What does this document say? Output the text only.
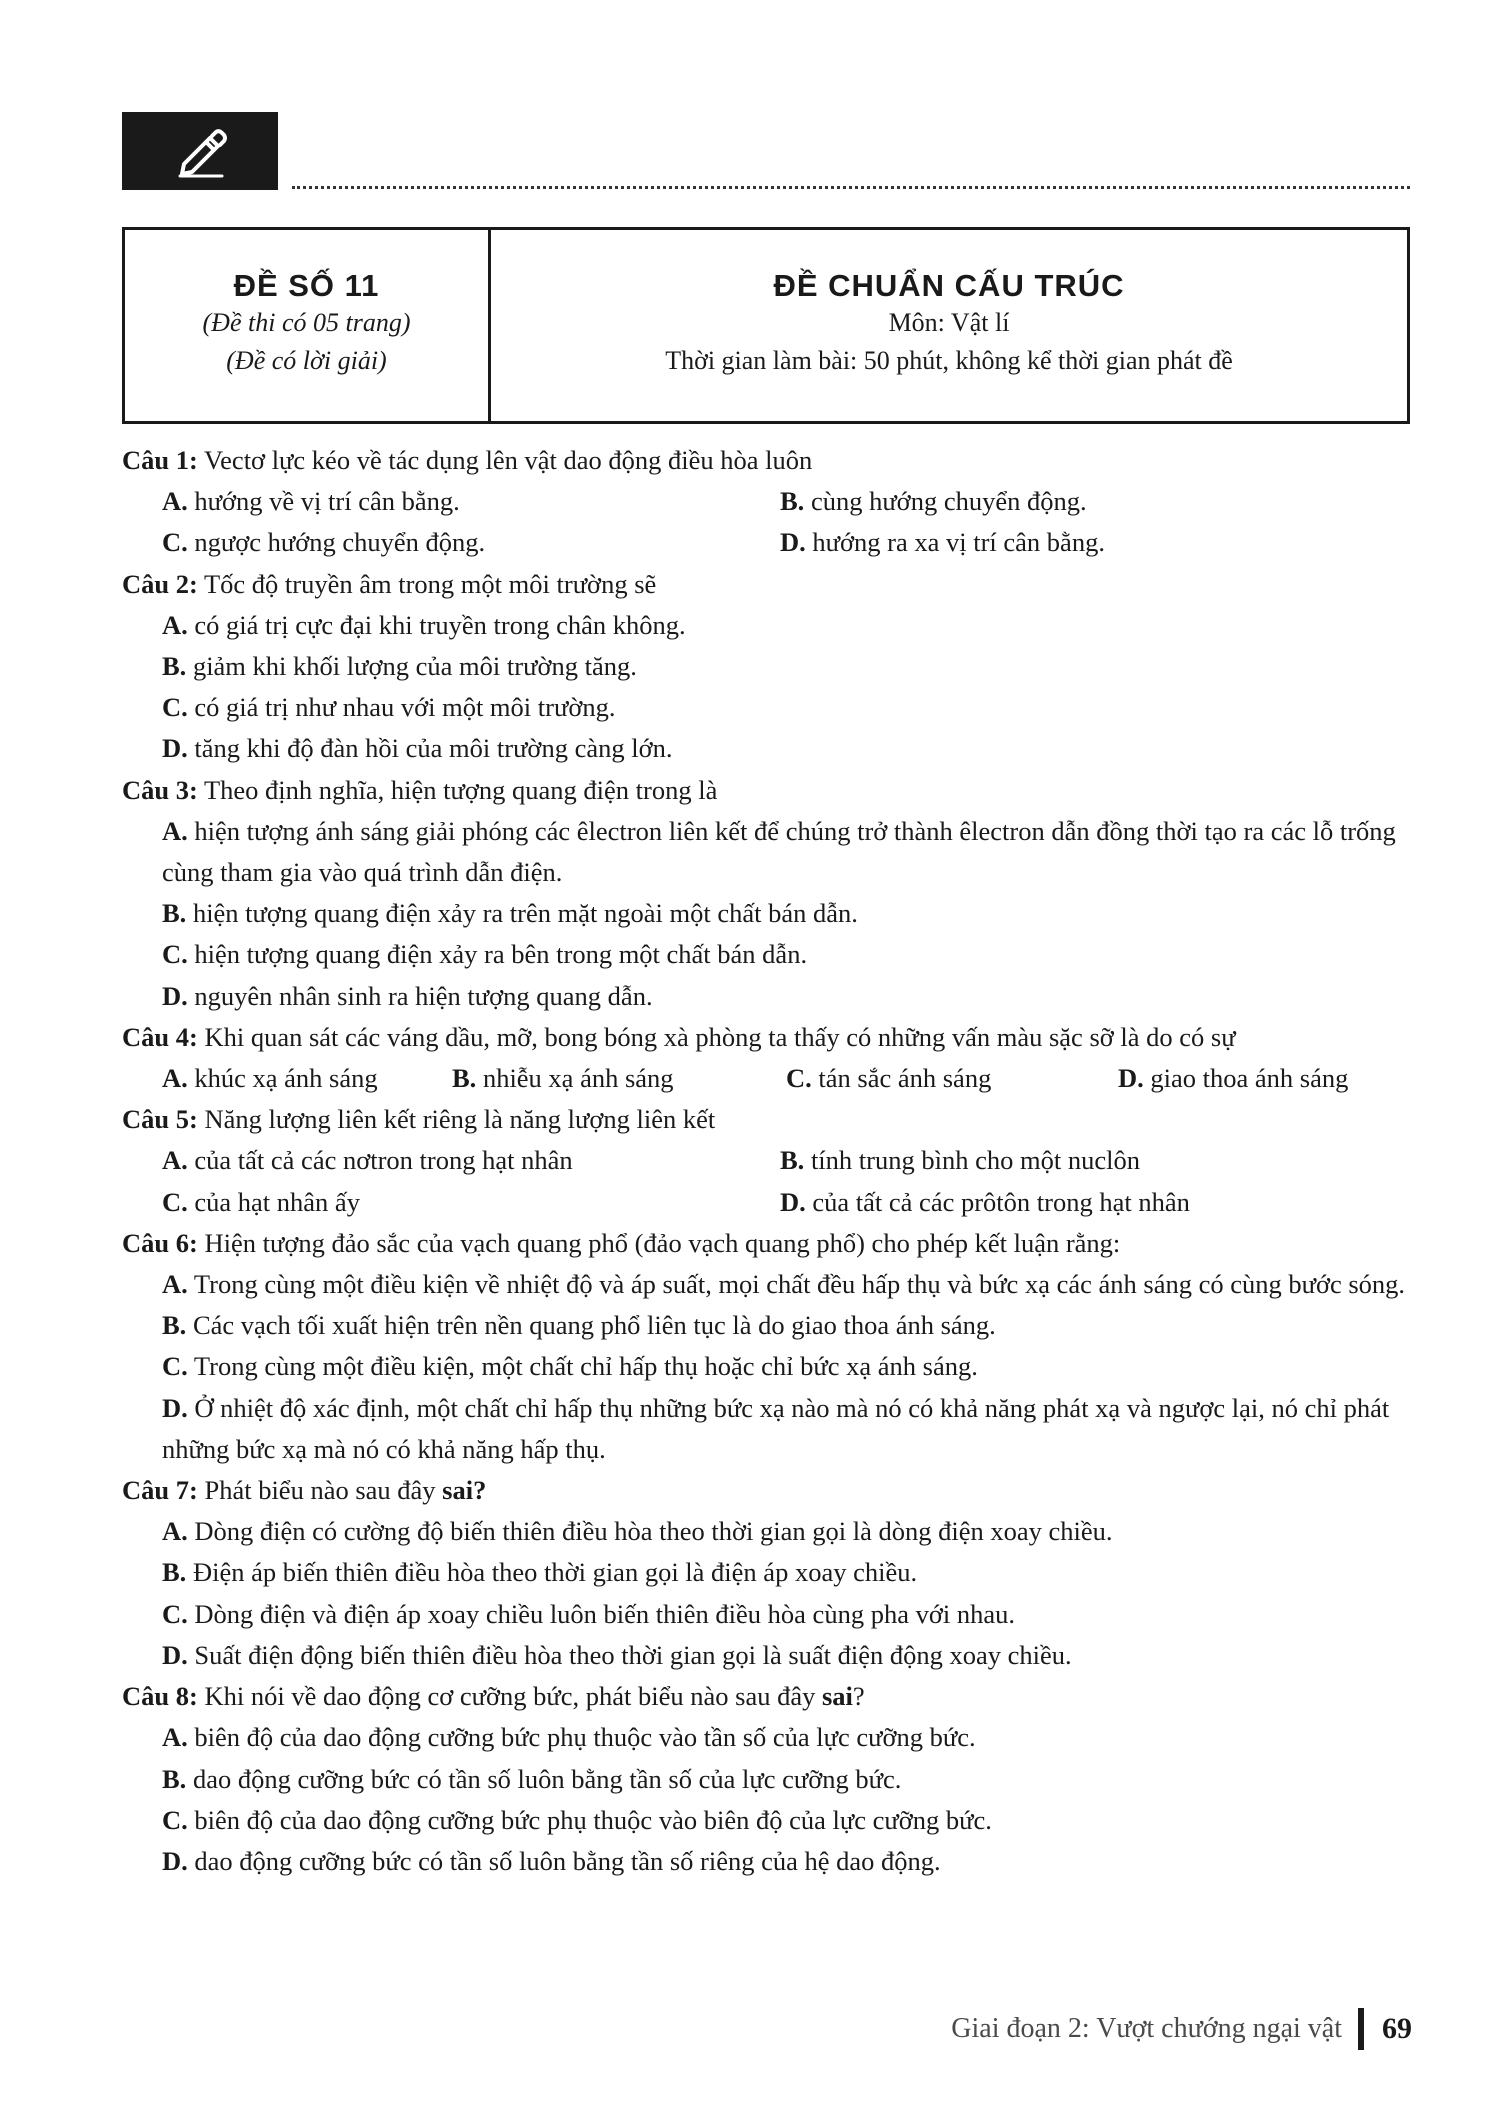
ĐỀ SỐ 11
(Đề thi có 05 trang)
(Đề có lời giải)
ĐỀ CHUẨN CẤU TRÚC
Môn: Vật lí
Thời gian làm bài: 50 phút, không kể thời gian phát đề
Câu 1: Vectơ lực kéo về tác dụng lên vật dao động điều hòa luôn
A. hướng về vị trí cân bằng.	B. cùng hướng chuyển động.
C. ngược hướng chuyển động.	D. hướng ra xa vị trí cân bằng.
Câu 2: Tốc độ truyền âm trong một môi trường sẽ
A. có giá trị cực đại khi truyền trong chân không.
B. giảm khi khối lượng của môi trường tăng.
C. có giá trị như nhau với một môi trường.
D. tăng khi độ đàn hồi của môi trường càng lớn.
Câu 3: Theo định nghĩa, hiện tượng quang điện trong là
A. hiện tượng ánh sáng giải phóng các êlectron liên kết để chúng trở thành êlectron dẫn đồng thời tạo ra các lỗ trống cùng tham gia vào quá trình dẫn điện.
B. hiện tượng quang điện xảy ra trên mặt ngoài một chất bán dẫn.
C. hiện tượng quang điện xảy ra bên trong một chất bán dẫn.
D. nguyên nhân sinh ra hiện tượng quang dẫn.
Câu 4: Khi quan sát các váng dầu, mỡ, bong bóng xà phòng ta thấy có những vấn màu sặc sỡ là do có sự
A. khúc xạ ánh sáng	B. nhiễu xạ ánh sáng	C. tán sắc ánh sáng	D. giao thoa ánh sáng
Câu 5: Năng lượng liên kết riêng là năng lượng liên kết
A. của tất cả các nơtron trong hạt nhân	B. tính trung bình cho một nuclôn
C. của hạt nhân ấy	D. của tất cả các prôtôn trong hạt nhân
Câu 6: Hiện tượng đảo sắc của vạch quang phổ (đảo vạch quang phổ) cho phép kết luận rằng:
A. Trong cùng một điều kiện về nhiệt độ và áp suất, mọi chất đều hấp thụ và bức xạ các ánh sáng có cùng bước sóng.
B. Các vạch tối xuất hiện trên nền quang phổ liên tục là do giao thoa ánh sáng.
C. Trong cùng một điều kiện, một chất chỉ hấp thụ hoặc chỉ bức xạ ánh sáng.
D. Ở nhiệt độ xác định, một chất chỉ hấp thụ những bức xạ nào mà nó có khả năng phát xạ và ngược lại, nó chỉ phát những bức xạ mà nó có khả năng hấp thụ.
Câu 7: Phát biểu nào sau đây sai?
A. Dòng điện có cường độ biến thiên điều hòa theo thời gian gọi là dòng điện xoay chiều.
B. Điện áp biến thiên điều hòa theo thời gian gọi là điện áp xoay chiều.
C. Dòng điện và điện áp xoay chiều luôn biến thiên điều hòa cùng pha với nhau.
D. Suất điện động biến thiên điều hòa theo thời gian gọi là suất điện động xoay chiều.
Câu 8: Khi nói về dao động cơ cưỡng bức, phát biểu nào sau đây sai?
A. biên độ của dao động cưỡng bức phụ thuộc vào tần số của lực cưỡng bức.
B. dao động cưỡng bức có tần số luôn bằng tần số của lực cưỡng bức.
C. biên độ của dao động cưỡng bức phụ thuộc vào biên độ của lực cưỡng bức.
D. dao động cưỡng bức có tần số luôn bằng tần số riêng của hệ dao động.
Giai đoạn 2: Vượt chướng ngại vật 69
